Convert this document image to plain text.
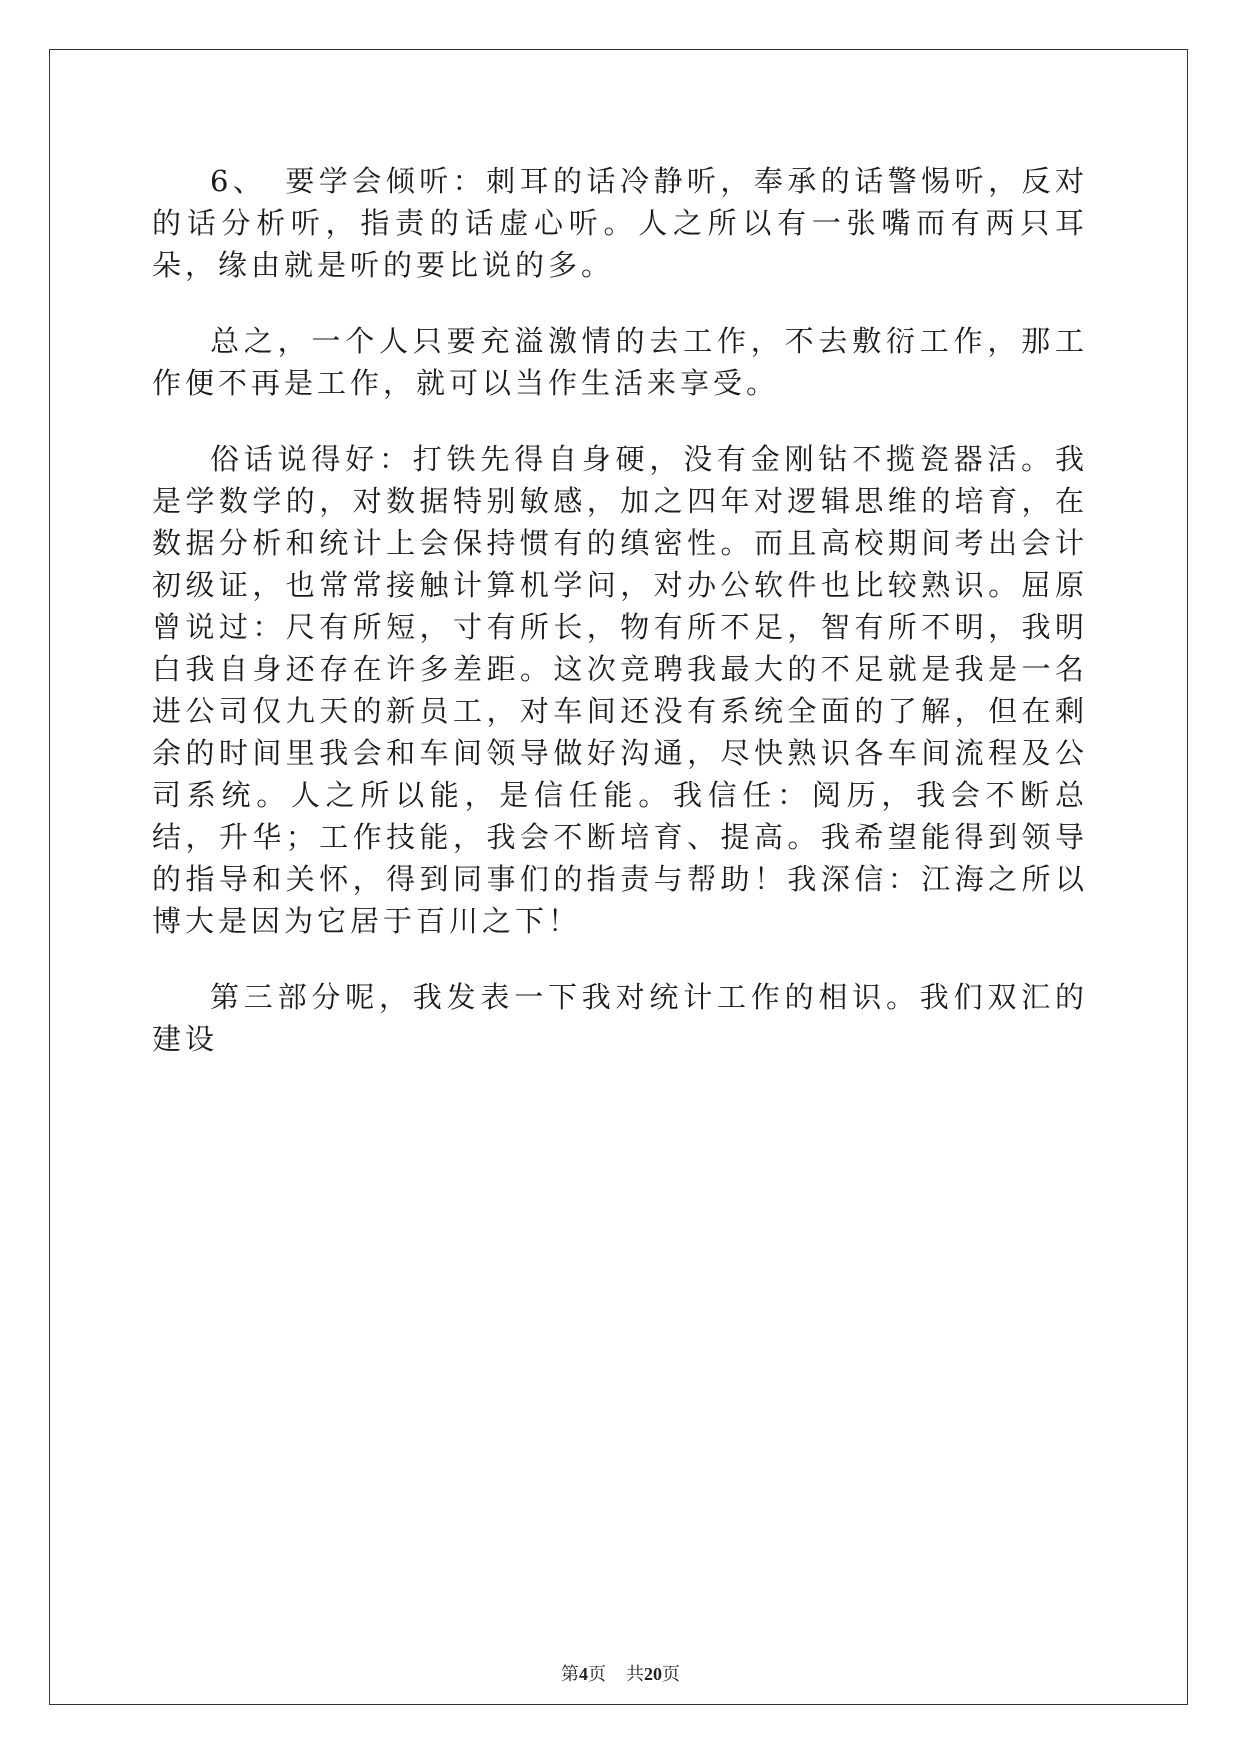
6、　要学会倾听：刺耳的话冷静听，奉承的话警惕听，反对的话分析听，指责的话虚心听。人之所以有一张嘴而有两只耳朵，缘由就是听的要比说的多。

总之，一个人只要充溢激情的去工作，不去敷衍工作，那工作便不再是工作，就可以当作生活来享受。

俗话说得好：打铁先得自身硬，没有金刚钻不揽瓷器活。我是学数学的，对数据特别敏感，加之四年对逻辑思维的培育，在数据分析和统计上会保持惯有的缜密性。而且高校期间考出会计初级证，也常常接触计算机学问，对办公软件也比较熟识。屈原曾说过：尺有所短，寸有所长，物有所不足，智有所不明，我明白我自身还存在许多差距。这次竞聘我最大的不足就是我是一名进公司仅九天的新员工，对车间还没有系统全面的了解，但在剩余的时间里我会和车间领导做好沟通，尽快熟识各车间流程及公司系统。人之所以能，是信任能。我信任：阅历，我会不断总结，升华；工作技能，我会不断培育、提高。我希望能得到领导的指导和关怀，得到同事们的指责与帮助！我深信：江海之所以博大是因为它居于百川之下！

第三部分呢，我发表一下我对统计工作的相识。我们双汇的建设

第4页 共20页
